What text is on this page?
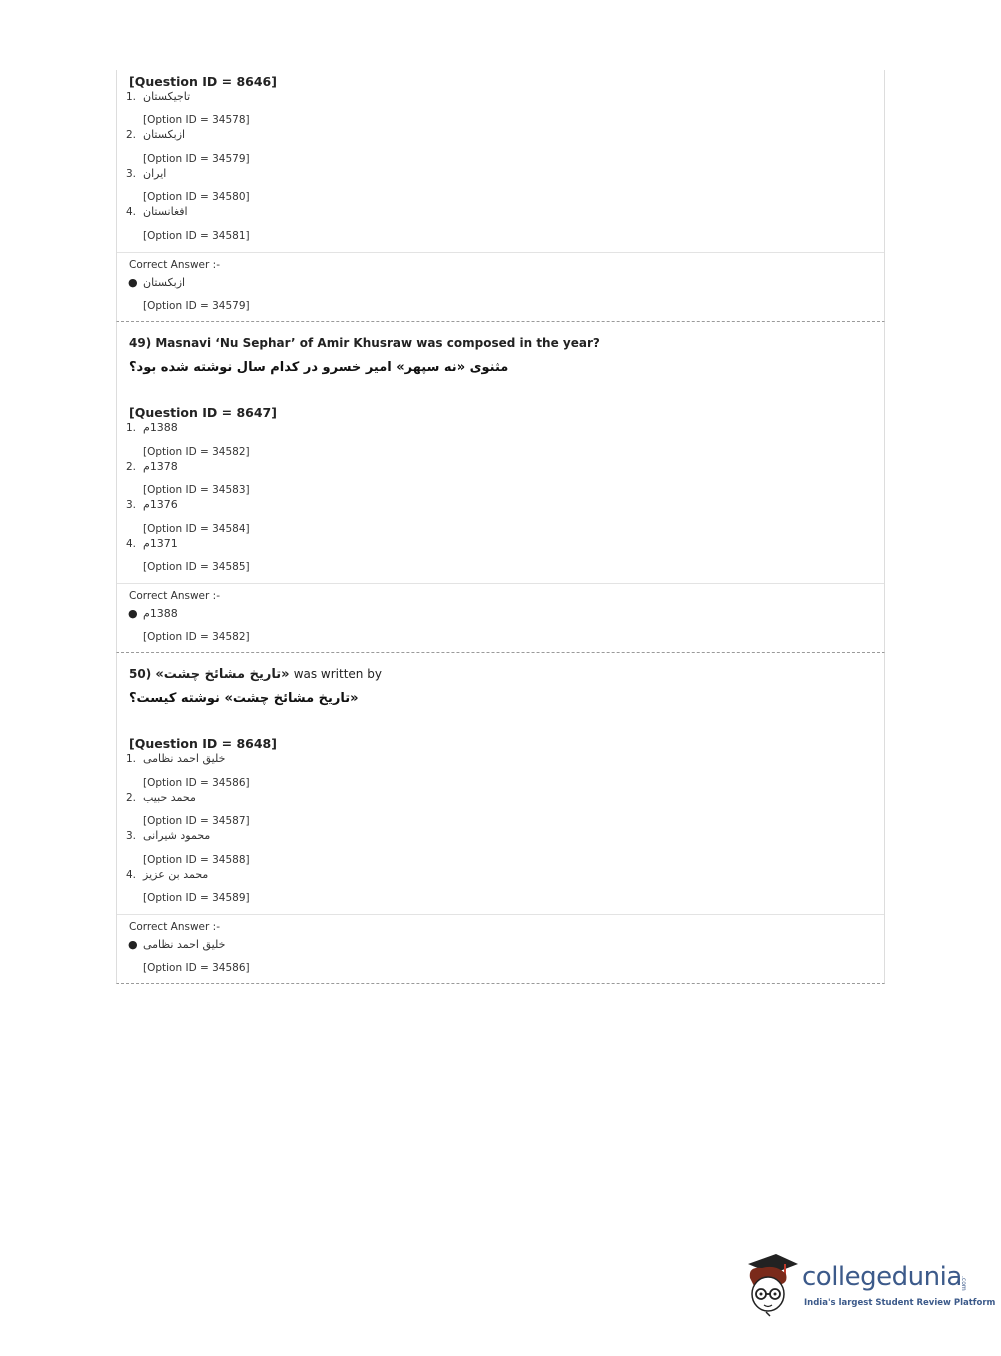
[Question ID = 8646]
1. تاجیکستان
[Option ID = 34578]
2. ازبکستان
[Option ID = 34579]
3. ایران
[Option ID = 34580]
4. افغانستان
[Option ID = 34581]
Correct Answer :-
● ازبکستان
[Option ID = 34579]
49) Masnavi ‘Nu Sephar’ of Amir Khusraw was composed in the year?
مثنوی «نه سپهر» امیر خسرو در کدام سال نوشته شده بود؟
[Question ID = 8647]
1. 1388م
[Option ID = 34582]
2. 1378م
[Option ID = 34583]
3. 1376م
[Option ID = 34584]
4. 1371م
[Option ID = 34585]
Correct Answer :-
● 1388م
[Option ID = 34582]
50) «تاریخ مشائخ چشت» was written by
«تاریخ مشائخ چشت» نوشته کیست؟
[Question ID = 8648]
1. خلیق احمد نظامی
[Option ID = 34586]
2. محمد حبیب
[Option ID = 34587]
3. محمود شیرانی
[Option ID = 34588]
4. محمد بن عزیز
[Option ID = 34589]
Correct Answer :-
● خلیق احمد نظامی
[Option ID = 34586]
collegedunia
.com
India's largest Student Review Platform
